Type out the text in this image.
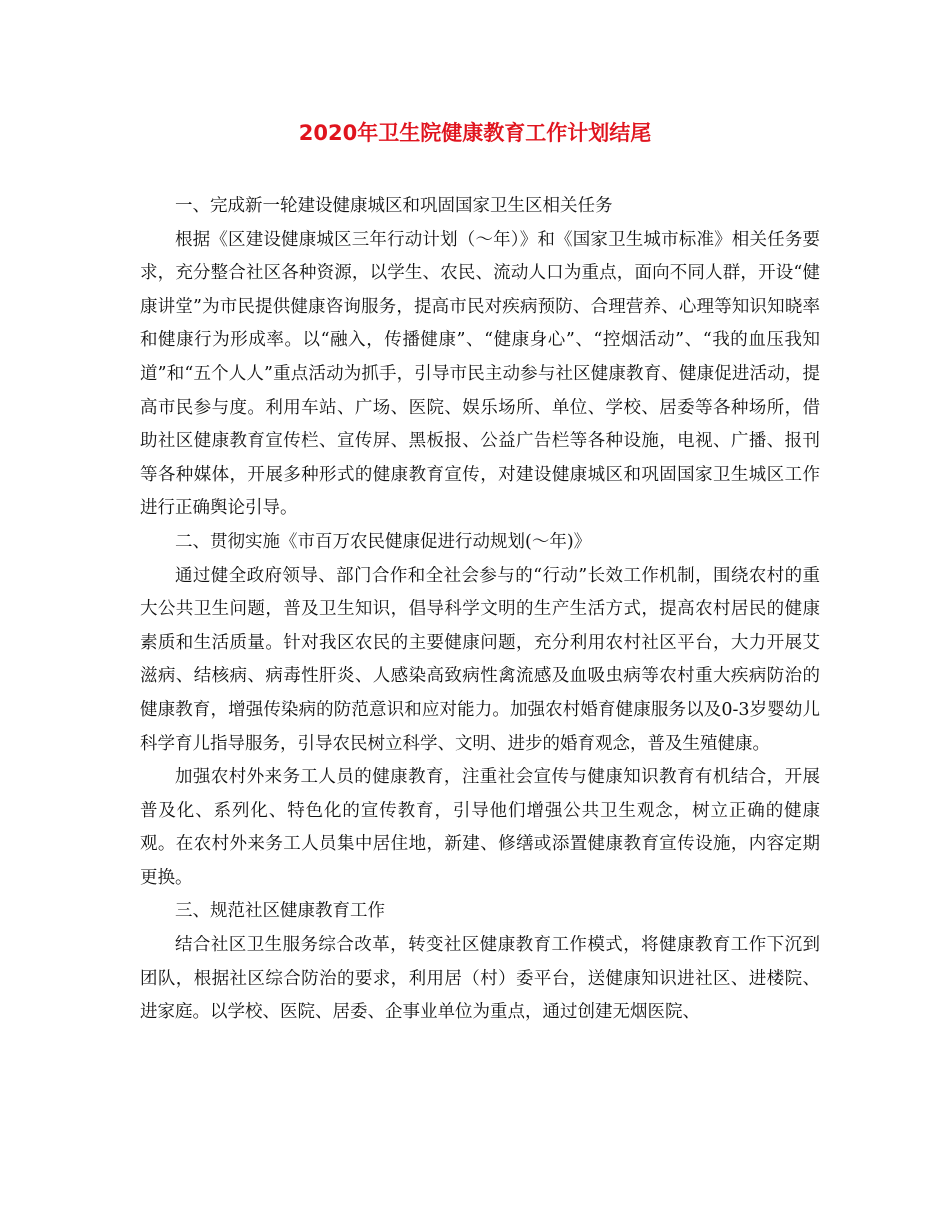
2020年卫生院健康教育工作计划结尾

一、完成新一轮建设健康城区和巩固国家卫生区相关任务

根据《区建设健康城区三年行动计划（～年）》和《国家卫生城市标准》相关任务要求，充分整合社区各种资源，以学生、农民、流动人口为重点，面向不同人群，开设“健康讲堂”为市民提供健康咨询服务，提高市民对疾病预防、合理营养、心理等知识知晓率和健康行为形成率。以“融入，传播健康”、“健康身心”、“控烟活动”、“我的血压我知道”和“五个人人”重点活动为抓手，引导市民主动参与社区健康教育、健康促进活动，提高市民参与度。利用车站、广场、医院、娱乐场所、单位、学校、居委等各种场所，借助社区健康教育宣传栏、宣传屏、黑板报、公益广告栏等各种设施，电视、广播、报刊等各种媒体，开展多种形式的健康教育宣传，对建设健康城区和巩固国家卫生城区工作进行正确舆论引导。

二、贯彻实施《市百万农民健康促进行动规划(～年)》

通过健全政府领导、部门合作和全社会参与的“行动”长效工作机制，围绕农村的重大公共卫生问题，普及卫生知识，倡导科学文明的生产生活方式，提高农村居民的健康素质和生活质量。针对我区农民的主要健康问题，充分利用农村社区平台，大力开展艾滋病、结核病、病毒性肝炎、人感染高致病性禽流感及血吸虫病等农村重大疾病防治的健康教育，增强传染病的防范意识和应对能力。加强农村婚育健康服务以及0-3岁婴幼儿科学育儿指导服务，引导农民树立科学、文明、进步的婚育观念，普及生殖健康。

加强农村外来务工人员的健康教育，注重社会宣传与健康知识教育有机结合，开展普及化、系列化、特色化的宣传教育，引导他们增强公共卫生观念，树立正确的健康观。在农村外来务工人员集中居住地，新建、修缮或添置健康教育宣传设施，内容定期更换。

三、规范社区健康教育工作

结合社区卫生服务综合改革，转变社区健康教育工作模式，将健康教育工作下沉到团队，根据社区综合防治的要求，利用居（村）委平台，送健康知识进社区、进楼院、进家庭。以学校、医院、居委、企事业单位为重点，通过创建无烟医院、
